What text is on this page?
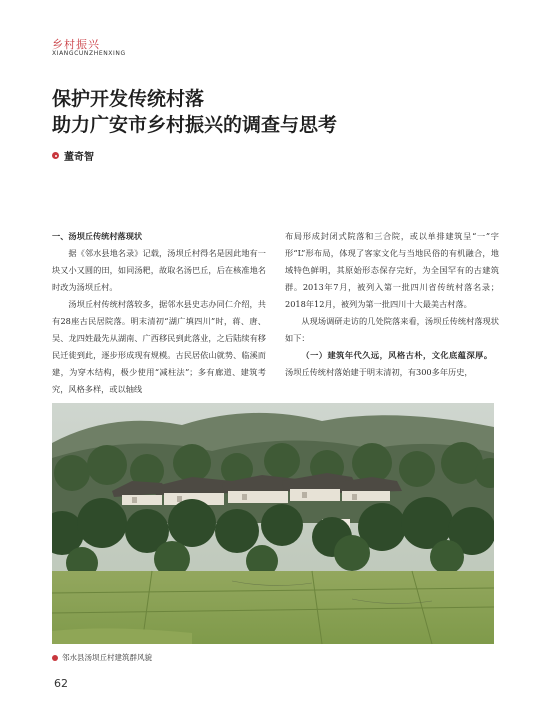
乡村振兴
XIANGCUNZHENXING
保护开发传统村落
助力广安市乡村振兴的调查与思考
董奇智

一、汤坝丘传统村落现状

据《邻水县地名录》记载，汤坝丘村得名是因此地有一块又小又圆的田，如同汤粑，故取名汤巴丘，后在核准地名时改为汤坝丘村。

汤坝丘村传统村落较多，据邻水县史志办同仁介绍，共有28座古民居院落。明末清初“湖广填四川”时，蒋、唐、吴、龙四姓最先从湖南、广西移民到此落业，之后陆续有移民迁徙到此，逐步形成现有规模。古民居依山就势、临溪而建，为穿木结构，极少使用“减柱法”；多有廊道、建筑考究，风格多样，或以轴线

布局形成封闭式院落和三合院，或以单排建筑呈“一”字形“L”形布局，体现了客家文化与当地民俗的有机融合，地域特色鲜明，其原始形态保存完好，为全国罕有的古建筑群。2013年7月，被列入第一批四川省传统村落名录；2018年12月，被列为第一批四川十大最美古村落。

从现场调研走访的几处院落来看，汤坝丘传统村落现状如下：

（一）建筑年代久远，风格古朴，文化底蕴深厚。

汤坝丘传统村落始建于明末清初，有300多年历史，

邻水县汤坝丘村建筑群风貌
62
